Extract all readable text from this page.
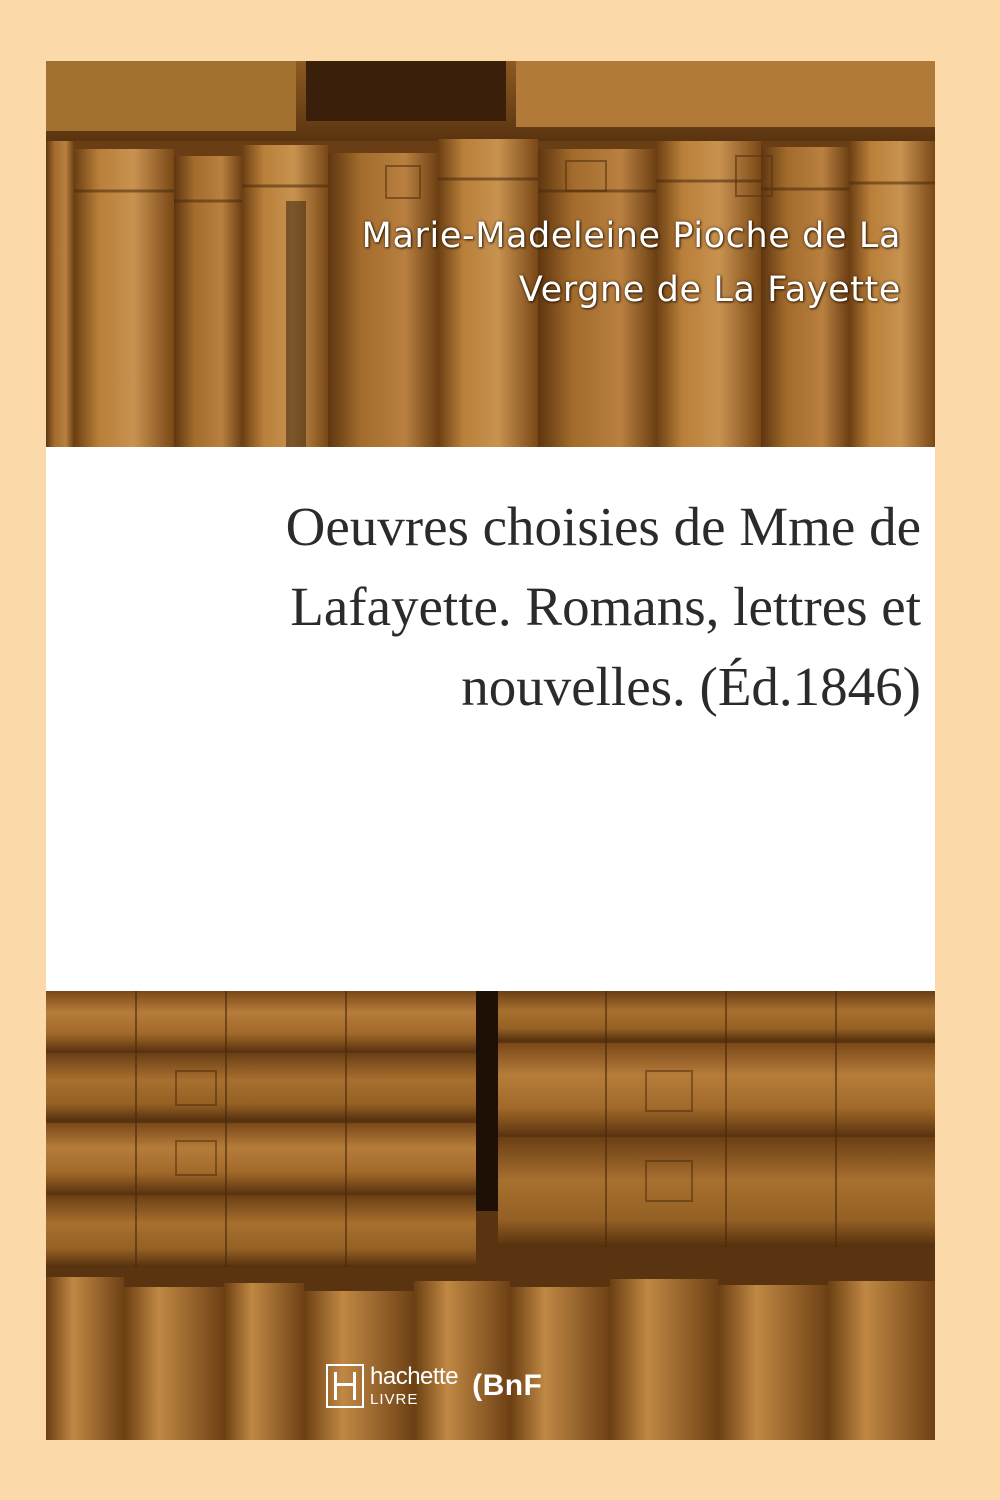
Marie-Madeleine Pioche de La
Vergne de La Fayette
Oeuvres choisies de Mme de
Lafayette. Romans, lettres et
nouvelles. (Éd.1846)
hachette
LIVRE	(BnF
